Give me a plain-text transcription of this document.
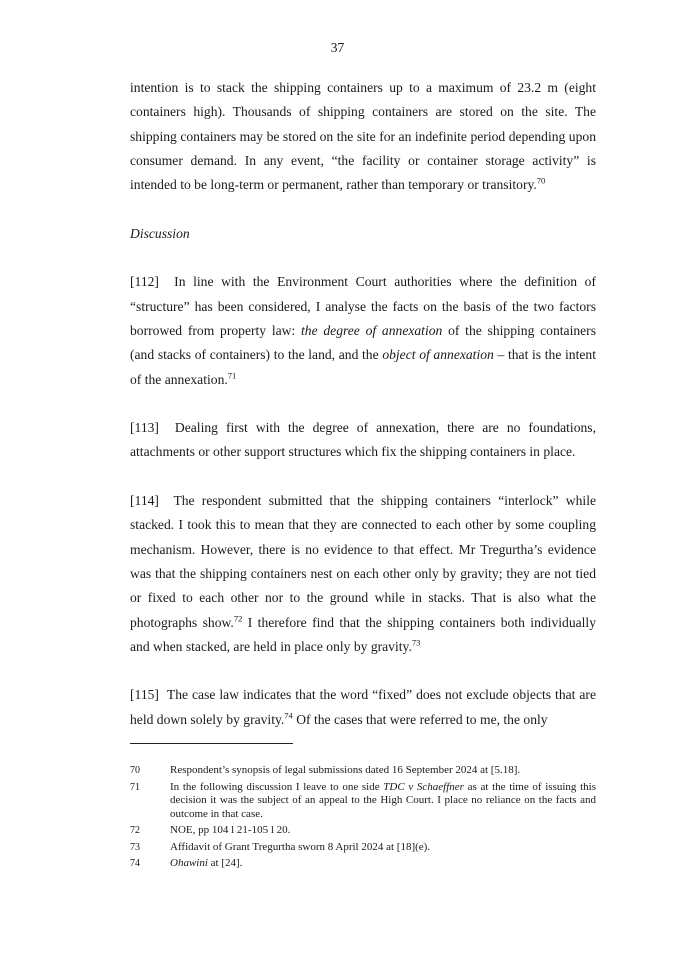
37

intention is to stack the shipping containers up to a maximum of 23.2 m (eight containers high). Thousands of shipping containers are stored on the site. The shipping containers may be stored on the site for an indefinite period depending upon consumer demand. In any event, “the facility or container storage activity” is intended to be long-term or permanent, rather than temporary or transitory.$^{70}$

Discussion

[112] In line with the Environment Court authorities where the definition of “structure” has been considered, I analyse the facts on the basis of the two factors borrowed from property law: the degree of annexation of the shipping containers (and stacks of containers) to the land, and the object of annexation – that is the intent of the annexation.$^{71}$

[113] Dealing first with the degree of annexation, there are no foundations, attachments or other support structures which fix the shipping containers in place.

[114] The respondent submitted that the shipping containers “interlock” while stacked. I took this to mean that they are connected to each other by some coupling mechanism. However, there is no evidence to that effect. Mr Tregurtha’s evidence was that the shipping containers nest on each other only by gravity; they are not tied or fixed to each other nor to the ground while in stacks. That is also what the photographs show.$^{72}$ I therefore find that the shipping containers both individually and when stacked, are held in place only by gravity.$^{73}$

[115] The case law indicates that the word “fixed” does not exclude objects that are held down solely by gravity.$^{74}$ Of the cases that were referred to me, the only

70	Respondent’s synopsis of legal submissions dated 16 September 2024 at [5.18].
71	In the following discussion I leave to one side TDC v Schaeffner as at the time of issuing this decision it was the subject of an appeal to the High Court. I place no reliance on the facts and outcome in that case.
72	NOE, pp 104 l 21-105 l 20.
73	Affidavit of Grant Tregurtha sworn 8 April 2024 at [18](e).
74	Ohawini at [24].
